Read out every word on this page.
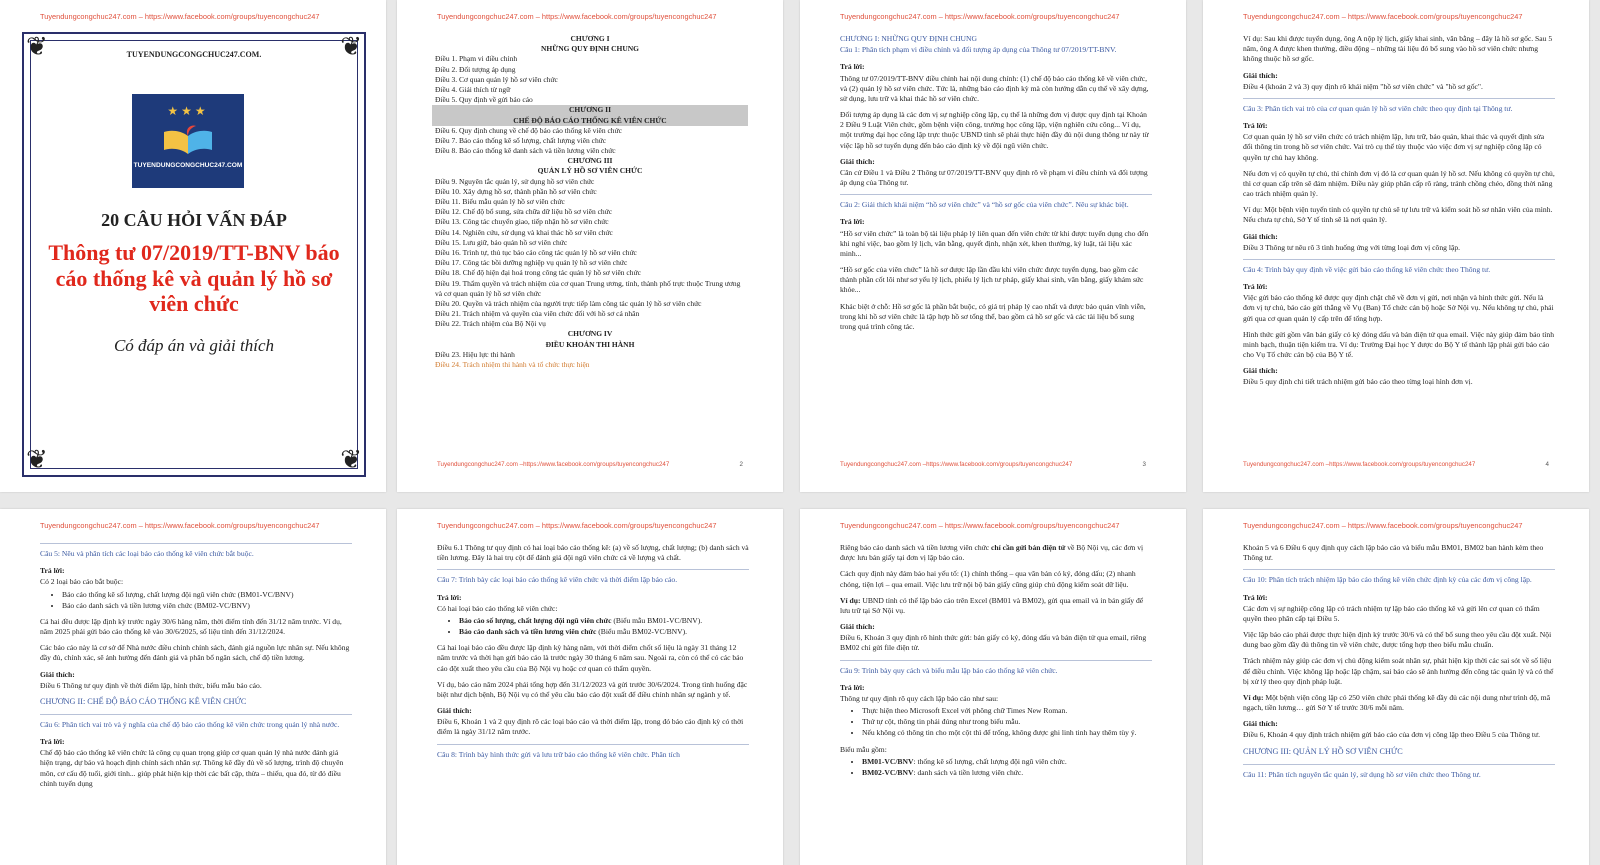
Tuyendungcongchuc247.com – https://www.facebook.com/groups/tuyencongchuc247
❦	❦
❦	❦
TUYENDUNGCONGCHUC247.COM.
★★★
TUYENDUNGCONGCHUC247.COM
20 CÂU HỎI VẤN ĐÁP
Thông tư 07/2019/TT-BNV báo cáo thống kê và quản lý hồ sơ viên chức
Có đáp án và giải thích
Tuyendungcongchuc247.com – https://www.facebook.com/groups/tuyencongchuc247
CHƯƠNG I
NHỮNG QUY ĐỊNH CHUNG
Điều 1. Phạm vi điều chỉnh
Điều 2. Đối tượng áp dụng
Điều 3. Cơ quan quản lý hồ sơ viên chức
Điều 4. Giải thích từ ngữ
Điều 5. Quy định về gửi báo cáo
CHƯƠNG II
CHẾ ĐỘ BÁO CÁO THỐNG KÊ VIÊN CHỨC
Điều 6. Quy định chung về chế độ báo cáo thống kê viên chức
Điều 7. Báo cáo thống kê số lượng, chất lượng viên chức
Điều 8. Báo cáo thống kê danh sách và tiền lương viên chức
CHƯƠNG III
QUẢN LÝ HỒ SƠ VIÊN CHỨC
Điều 9. Nguyên tắc quản lý, sử dụng hồ sơ viên chức
Điều 10. Xây dựng hồ sơ, thành phần hồ sơ viên chức
Điều 11. Biểu mẫu quản lý hồ sơ viên chức
Điều 12. Chế độ bổ sung, sửa chữa dữ liệu hồ sơ viên chức
Điều 13. Công tác chuyển giao, tiếp nhận hồ sơ viên chức
Điều 14. Nghiên cứu, sử dụng và khai thác hồ sơ viên chức
Điều 15. Lưu giữ, bảo quản hồ sơ viên chức
Điều 16. Trình tự, thủ tục bảo cáo công tác quản lý hồ sơ viên chức
Điều 17. Công tác bồi dưỡng nghiệp vụ quản lý hồ sơ viên chức
Điều 18. Chế độ hiện đại hoá trong công tác quản lý hồ sơ viên chức
Điều 19. Thẩm quyền và trách nhiệm của cơ quan Trung ương, tỉnh, thành phố trực thuộc Trung ương và cơ quan quản lý hồ sơ viên chức
Điều 20. Quyền và trách nhiệm của người trực tiếp làm công tác quản lý hồ sơ viên chức
Điều 21. Trách nhiệm và quyền của viên chức đối với hồ sơ cá nhân
Điều 22. Trách nhiệm của Bộ Nội vụ
CHƯƠNG IV
ĐIỀU KHOẢN THI HÀNH
Điều 23. Hiệu lực thi hành
Điều 24. Trách nhiệm thi hành và tổ chức thực hiện
Tuyendungcongchuc247.com –https://www.facebook.com/groups/tuyencongchuc247	2
Tuyendungcongchuc247.com – https://www.facebook.com/groups/tuyencongchuc247
CHƯƠNG I: NHỮNG QUY ĐỊNH CHUNG
Câu 1: Phân tích phạm vi điều chỉnh và đối tượng áp dụng của Thông tư 07/2019/TT-BNV.
Trả lời:

Thông tư 07/2019/TT-BNV điều chỉnh hai nội dung chính: (1) chế độ báo cáo thống kê về viên chức, và (2) quản lý hồ sơ viên chức. Tức là, những báo cáo định kỳ mà còn hướng dẫn cụ thể về xây dựng, sử dụng, lưu trữ và khai thác hồ sơ viên chức.

Đối tượng áp dụng là các đơn vị sự nghiệp công lập, cụ thể là những đơn vị được quy định tại Khoản 2 Điều 9 Luật Viên chức, gồm bệnh viện công, trường học công lập, viện nghiên cứu công... Ví dụ, một trường đại học công lập trực thuộc UBND tỉnh sẽ phải thực hiện đầy đủ nội dung thông tư này từ việc lập hồ sơ tuyển dụng đến báo cáo định kỳ về đội ngũ viên chức.

Giải thích:

Căn cứ Điều 1 và Điều 2 Thông tư 07/2019/TT-BNV quy định rõ về phạm vi điều chỉnh và đối tượng áp dụng của Thông tư.

Câu 2: Giải thích khái niệm “hồ sơ viên chức” và “hồ sơ gốc của viên chức”. Nêu sự khác biệt.
Trả lời:

“Hồ sơ viên chức” là toàn bộ tài liệu pháp lý liên quan đến viên chức từ khi được tuyển dụng cho đến khi nghỉ việc, bao gồm lý lịch, văn bằng, quyết định, nhận xét, khen thưởng, kỷ luật, tài liệu xác minh...

“Hồ sơ gốc của viên chức” là hồ sơ được lập lần đầu khi viên chức được tuyển dụng, bao gồm các thành phần cốt lõi như sơ yếu lý lịch, phiếu lý lịch tư pháp, giấy khai sinh, văn bằng, giấy khám sức khỏe...

Khác biệt ở chỗ: Hồ sơ gốc là phần bắt buộc, có giá trị pháp lý cao nhất và được bảo quản vĩnh viễn, trong khi hồ sơ viên chức là tập hợp hồ sơ tổng thể, bao gồm cả hồ sơ gốc và các tài liệu bổ sung trong quá trình công tác.

Tuyendungcongchuc247.com –https://www.facebook.com/groups/tuyencongchuc247	3
Tuyendungcongchuc247.com – https://www.facebook.com/groups/tuyencongchuc247

Ví dụ: Sau khi được tuyển dụng, ông A nộp lý lịch, giấy khai sinh, văn bằng – đây là hồ sơ gốc. Sau 5 năm, ông A được khen thưởng, điều động – những tài liệu đó bổ sung vào hồ sơ viên chức nhưng không thuộc hồ sơ gốc.

Giải thích:

Điều 4 (khoản 2 và 3) quy định rõ khái niệm "hồ sơ viên chức" và "hồ sơ gốc".

Câu 3: Phân tích vai trò của cơ quan quản lý hồ sơ viên chức theo quy định tại Thông tư.
Trả lời:

Cơ quan quản lý hồ sơ viên chức có trách nhiệm lập, lưu trữ, bảo quản, khai thác và quyết định sửa đổi thông tin trong hồ sơ viên chức. Vai trò cụ thể tùy thuộc vào việc đơn vị sự nghiệp công lập có quyền tự chủ hay không.

Nếu đơn vị có quyền tự chủ, thì chính đơn vị đó là cơ quan quản lý hồ sơ. Nếu không có quyền tự chủ, thì cơ quan cấp trên sẽ đảm nhiệm. Điều này giúp phân cấp rõ ràng, tránh chồng chéo, đồng thời nâng cao trách nhiệm quản lý.

Ví dụ: Một bệnh viện tuyến tỉnh có quyền tự chủ sẽ tự lưu trữ và kiểm soát hồ sơ nhân viên của mình. Nếu chưa tự chủ, Sở Y tế tỉnh sẽ là nơi quản lý.

Giải thích:

Điều 3 Thông tư nêu rõ 3 tình huống ứng với từng loại đơn vị công lập.

Câu 4: Trình bày quy định về việc gửi báo cáo thống kê viên chức theo Thông tư.
Trả lời:

Việc gửi báo cáo thống kê được quy định chặt chẽ về đơn vị gửi, nơi nhận và hình thức gửi. Nếu là đơn vị tự chủ, báo cáo gửi thẳng về Vụ (Ban) Tổ chức cán bộ hoặc Sở Nội vụ. Nếu không tự chủ, phải gửi qua cơ quan quản lý cấp trên để tổng hợp.

Hình thức gửi gồm văn bản giấy có ký đóng dấu và bản điện tử qua email. Việc này giúp đảm bảo tính minh bạch, thuận tiện kiểm tra. Ví dụ: Trường Đại học Y được do Bộ Y tế thành lập phải gửi báo cáo cho Vụ Tổ chức cán bộ của Bộ Y tế.

Giải thích:

Điều 5 quy định chi tiết trách nhiệm gửi báo cáo theo từng loại hình đơn vị.

Tuyendungcongchuc247.com –https://www.facebook.com/groups/tuyencongchuc247	4
Tuyendungcongchuc247.com – https://www.facebook.com/groups/tuyencongchuc247
Câu 5: Nêu và phân tích các loại báo cáo thống kê viên chức bắt buộc.
Trả lời:

Có 2 loại báo cáo bắt buộc:

• Báo cáo thống kê số lượng, chất lượng đội ngũ viên chức (BM01-VC/BNV)
• Báo cáo danh sách và tiền lương viên chức (BM02-VC/BNV)

Cả hai đều được lập định kỳ trước ngày 30/6 hàng năm, thời điểm tính đến 31/12 năm trước. Ví dụ, năm 2025 phải gửi báo cáo thống kê vào 30/6/2025, số liệu tính đến 31/12/2024.

Các báo cáo này là cơ sở để Nhà nước điều chỉnh chính sách, đánh giá nguồn lực nhân sự. Nếu không đầy đủ, chính xác, sẽ ảnh hưởng đến đánh giá và phân bổ ngân sách, chế độ tiền lương.

Giải thích:

Điều 6 Thông tư quy định về thời điểm lập, hình thức, biểu mẫu báo cáo.

CHƯƠNG II: CHẾ ĐỘ BÁO CÁO THỐNG KÊ VIÊN CHỨC
Câu 6: Phân tích vai trò và ý nghĩa của chế độ báo cáo thống kê viên chức trong quản lý nhà nước.
Trả lời:

Chế độ báo cáo thống kê viên chức là công cụ quan trọng giúp cơ quan quản lý nhà nước đánh giá hiện trạng, dự báo và hoạch định chính sách nhân sự. Thông kê đầy đủ về số lượng, trình độ chuyên môn, cơ cấu độ tuổi, giới tính... giúp phát hiện kịp thời các bất cập, thừa – thiếu, qua đó, từ đó điều chỉnh tuyển dụng

Tuyendungcongchuc247.com – https://www.facebook.com/groups/tuyencongchuc247

Điều 6.1 Thông tư quy định có hai loại báo cáo thống kê: (a) về số lượng, chất lượng; (b) danh sách và tiền lương. Đây là hai trụ cột để đánh giá đội ngũ viên chức cả về lượng và chất.

Câu 7: Trình bày các loại báo cáo thống kê viên chức và thời điểm lập báo cáo.
Trả lời:

Có hai loại báo cáo thống kê viên chức:

• Báo cáo số lượng, chất lượng đội ngũ viên chức (Biểu mẫu BM01-VC/BNV).
• Báo cáo danh sách và tiền lương viên chức (Biểu mẫu BM02-VC/BNV).

Cả hai loại báo cáo đều được lập định kỳ hàng năm, với thời điểm chốt số liệu là ngày 31 tháng 12 năm trước và thời hạn gửi báo cáo là trước ngày 30 tháng 6 năm sau. Ngoài ra, còn có thể có các báo cáo đột xuất theo yêu cầu của Bộ Nội vụ hoặc cơ quan có thẩm quyền.

Ví dụ, báo cáo năm 2024 phải tổng hợp đến 31/12/2023 và gửi trước 30/6/2024. Trong tình huống đặc biệt như dịch bệnh, Bộ Nội vụ có thể yêu cầu báo cáo đột xuất để điều chỉnh nhân sự ngành y tế.

Giải thích:

Điều 6, Khoản 1 và 2 quy định rõ các loại báo cáo và thời điểm lập, trong đó báo cáo định kỳ có thời điểm là ngày 31/12 năm trước.

Câu 8: Trình bày hình thức gửi và lưu trữ báo cáo thống kê viên chức. Phân tích
Tuyendungcongchuc247.com – https://www.facebook.com/groups/tuyencongchuc247

Riêng báo cáo danh sách và tiền lương viên chức chỉ cần gửi bản điện tử về Bộ Nội vụ, các đơn vị được lưu bản giấy tại đơn vị lập báo cáo.

Cách quy định này đảm bảo hai yếu tố: (1) chính thống – qua văn bản có ký, đóng dấu; (2) nhanh chóng, tiện lợi – qua email. Việc lưu trữ nội bộ bản giấy cũng giúp chủ động kiểm soát dữ liệu.

Ví dụ: UBND tỉnh có thể lập báo cáo trên Excel (BM01 và BM02), gửi qua email và in bản giấy để lưu trữ tại Sở Nội vụ.

Giải thích:

Điều 6, Khoản 3 quy định rõ hình thức gửi: bản giấy có ký, đóng dấu và bản điện tử qua email, riêng BM02 chỉ gửi file điện tử.

Câu 9: Trình bày quy cách và biểu mẫu lập báo cáo thống kê viên chức.
Trả lời:

Thông tư quy định rõ quy cách lập báo cáo như sau:

• Thực hiện theo Microsoft Excel với phông chữ Times New Roman.
• Thứ tự cột, thông tin phải đúng như trong biểu mẫu.
• Nếu không có thông tin cho một cột thì để trống, không được ghi linh tinh hay thêm tùy ý.

Biểu mẫu gồm:

• BM01-VC/BNV: thống kê số lượng, chất lượng đội ngũ viên chức.
• BM02-VC/BNV: danh sách và tiền lương viên chức.
Tuyendungcongchuc247.com – https://www.facebook.com/groups/tuyencongchuc247

Khoản 5 và 6 Điều 6 quy định quy cách lập báo cáo và biểu mẫu BM01, BM02 ban hành kèm theo Thông tư.

Câu 10: Phân tích trách nhiệm lập báo cáo thống kê viên chức định kỳ của các đơn vị công lập.
Trả lời:

Các đơn vị sự nghiệp công lập có trách nhiệm tự lập báo cáo thống kê và gửi lên cơ quan có thẩm quyền theo phân cấp tại Điều 5.

Việc lập báo cáo phải được thực hiện định kỳ trước 30/6 và có thể bổ sung theo yêu cầu đột xuất. Nội dung bao gồm đầy đủ thông tin về viên chức, được tổng hợp theo biểu mẫu chuẩn.

Trách nhiệm này giúp các đơn vị chủ động kiểm soát nhân sự, phát hiện kịp thời các sai sót về số liệu để điều chỉnh. Việc không lập hoặc lập chậm, sai báo cáo sẽ ảnh hưởng đến công tác quản lý và có thể bị xử lý theo quy định pháp luật.

Ví dụ: Một bệnh viện công lập có 250 viên chức phải thống kê đầy đủ các nội dung như trình độ, mã ngạch, tiền lương… gửi Sở Y tế trước 30/6 mỗi năm.

Giải thích:

Điều 6, Khoản 4 quy định trách nhiệm gửi báo cáo của đơn vị công lập theo Điều 5 của Thông tư.

CHƯƠNG III: QUẢN LÝ HỒ SƠ VIÊN CHỨC
Câu 11: Phân tích nguyên tắc quản lý, sử dụng hồ sơ viên chức theo Thông tư.
